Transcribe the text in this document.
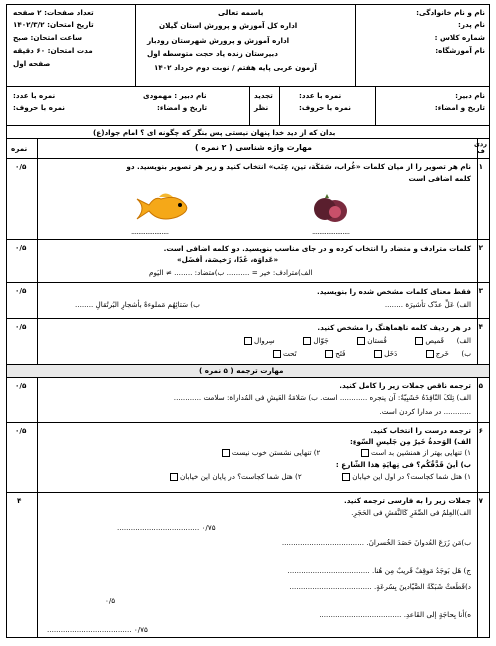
نام و نام خانوادگی:
نام پدر:
شماره کلاس :
نام آموزشگاه:
باسمه تعالی
اداره کل آموزش و پرورش استان گیلان
اداره آموزش و پرورش شهرستان رودبار
دبیرستان زنده یاد حجت متوسطه اول
آزمون عربی پایه هفتم / نوبت دوم خرداد ۱۴۰۲
تعداد صفحات: ۲ صفحه
تاریخ امتحان: ۱۴۰۲/۳/۲
ساعت امتحان: صبح
مدت امتحان: ۶۰ دقیقه
صفحه اول
نام دبیر:
تاریخ و امضاء:
نمره با عدد:
نمره با حروف:
تجدید
نظر
نام دبیر : مهمودی
تاریخ و امضاء:
نمره با عدد:
نمره با حروف:
بدان که از دید خدا پنهان نیستی پس بنگر که چگونه ای ؟ امام جواد(ع)
ردی ف
نمره	مهارت واژه شناسی ( ۲ نمره )
۱
۰/۵	نام هر تصویر را از میان کلمات «غُراب، سَمَکَة، تین، عِنَب» انتخاب کنید و زیر هر تصویر بنویسید. دو
کلمه اضافی است
.....................
.....................
۲
۰/۵	کلمات مترادف و متضاد را انتخاب کرده و در جای مناسب بنویسید. دو کلمه اضافی است.
«عَداوَة، غَدًا، رَخیصَة، أفضَل»
الف)مترادف: خیر = .......... ب)متضاد: ........ ≠ الیَوم
۳
۰/۵	فقط معنای کلمات مشخص شده را بنویسید.
الف) عَلِّ عدّک تأشیرَة ........
ب) سَتائِهُم مَملوءةٌ بأشجارِ البُرتُقالِ ........
۴
۰/۵	در هر ردیف کلمه ناهماهنگ را مشخص کنید.
الف)  قَمیص  فُستان  جَوّال  سِروال
ب)  خَرج  دَخَل  فَتَح  تَحت
مهارت ترجمه ( ۵ نمره )
۵
۰/۵	ترجمه ناقص جملات زیر را کامل کنید.
الف) تِلکَ النّافِذَةُ خَشَبِیّةٌ: آن پنجره ............ است. ب) سَلامَةُ العَیشِ فی المُداراة: سلامت ............
............ در مدارا کردن است.
۶
۰/۵	ترجمه درست را انتخاب کنید.
الف) الوَحدةُ خَیرٌ مِن جَلیسِ السّوءِ:
۱) تنهایی بهتر از همنشین بد است  ۲) تنهایی نشستن خوب نیست
ب) أینَ قَدَّقُکُم؟ فی نِهایَةِ هذا الشّارعِ :
۱) هتل شما کجاست؟ در اول این خیابان  ۲) هتل شما کجاست؟ در پایان این خیابان
۷
۴	جملات زیر را به فارسی ترجمه کنید.
الف)العِلمُ فی الصِّغَرِ کَالنَّقشِ فی الحَجَرِ.
۰/۷۵ ....................................
ب)مَن زَرَعَ العُدوانَ حَصَدَ الخُسرانَ. ....................................
ج) هَل بَوجَدُ مَوقِفٌ قَریبٌ مِن هُنا. ....................................
د)قَطَعتْ شَبَکَةُ الصَّیّادینَ بِسُرعَةٍ. ....................................
۰/۵
ه)أنا بِحاجَةٍ إلی القَاعدِ. ....................................
۰/۷۵ .....................................
